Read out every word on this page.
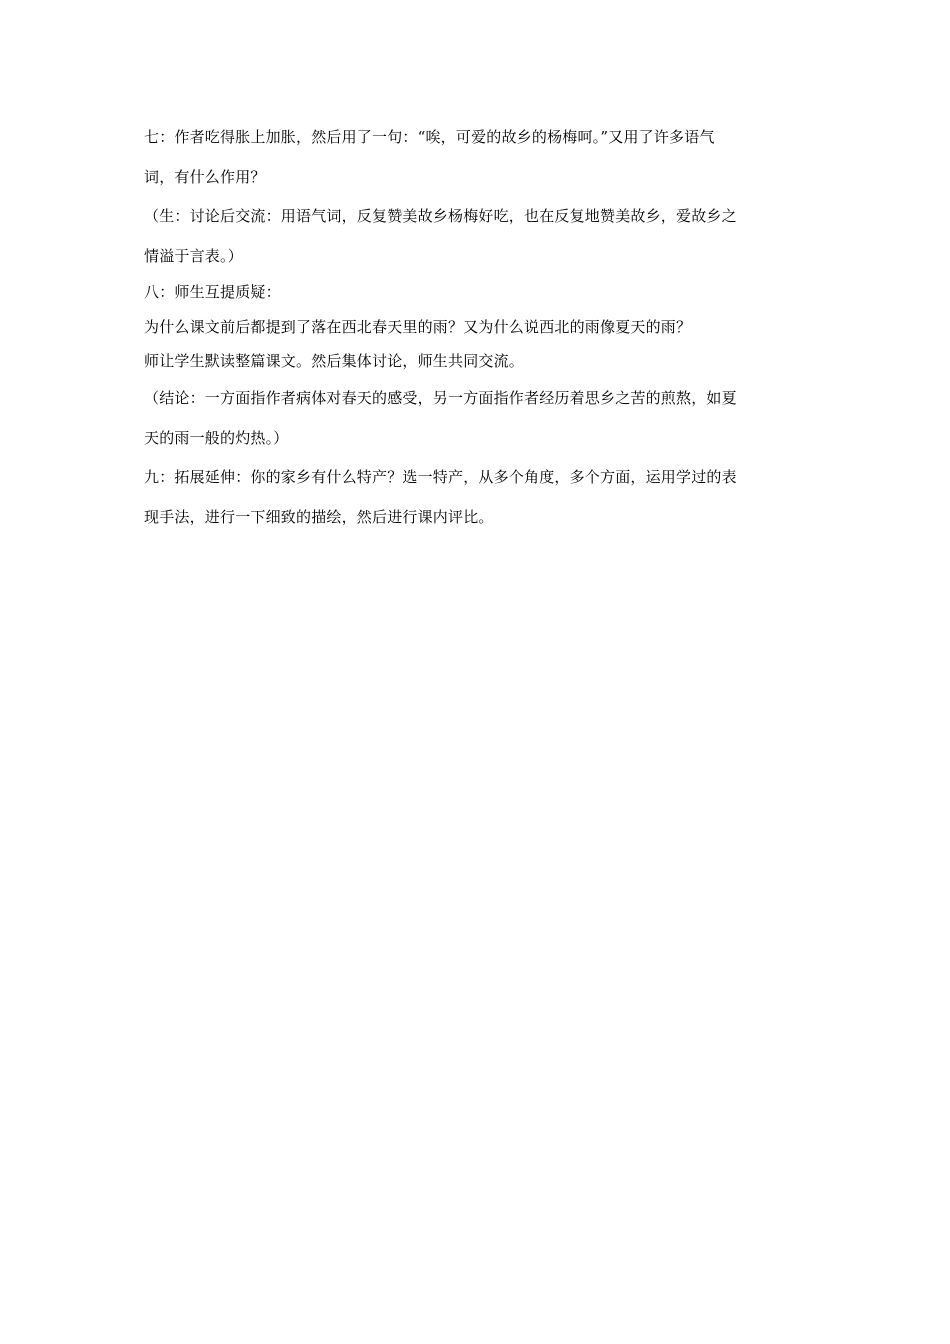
七：作者吃得胀上加胀，然后用了一句：“唉，可爱的故乡的杨梅呵。”又用了许多语气
词，有什么作用？
（生：讨论后交流：用语气词，反复赞美故乡杨梅好吃，也在反复地赞美故乡，爱故乡之
情溢于言表。）
八：师生互提质疑：
为什么课文前后都提到了落在西北春天里的雨？又为什么说西北的雨像夏天的雨？
师让学生默读整篇课文。然后集体讨论，师生共同交流。
（结论：一方面指作者病体对春天的感受，另一方面指作者经历着思乡之苦的煎熬，如夏
天的雨一般的灼热。）
九：拓展延伸：你的家乡有什么特产？选一特产，从多个角度，多个方面，运用学过的表
现手法，进行一下细致的描绘，然后进行课内评比。
